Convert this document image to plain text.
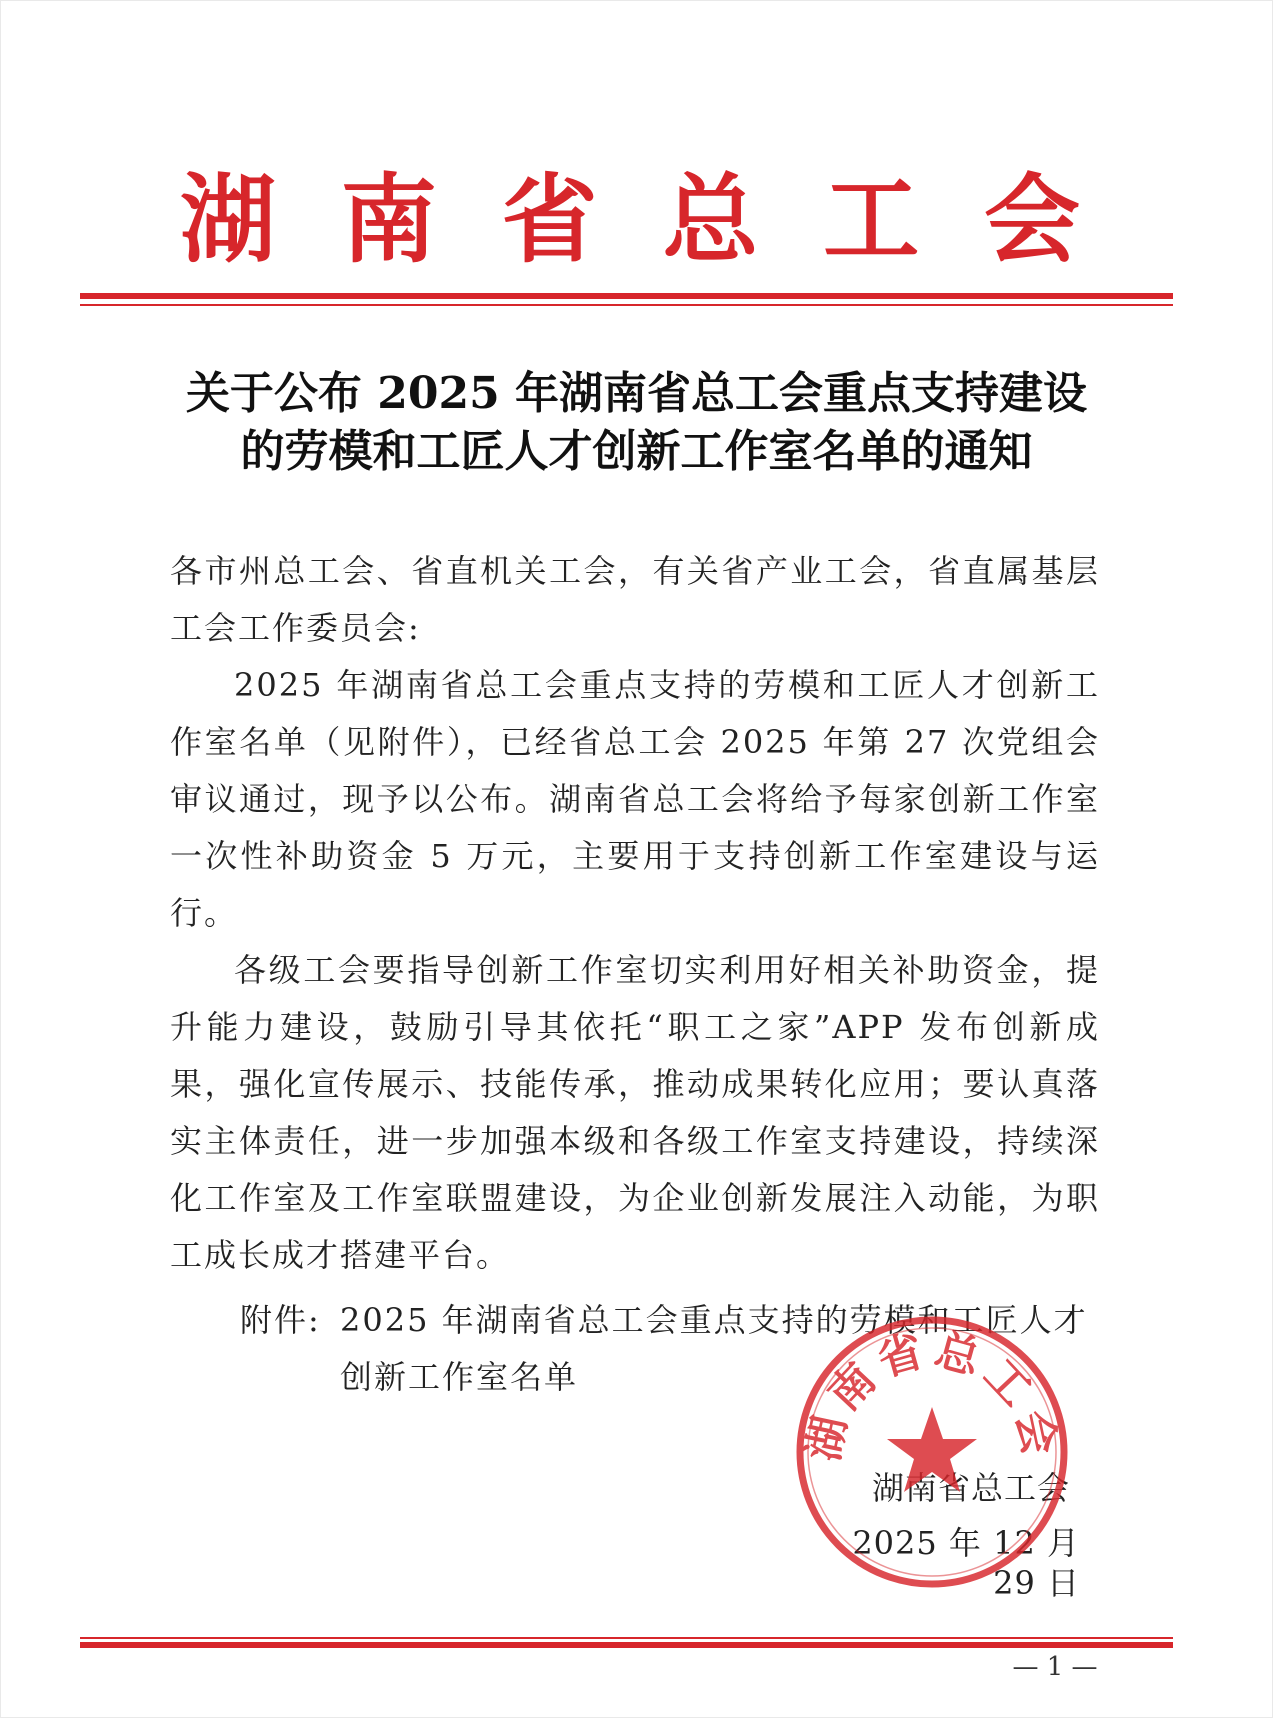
湖 南 省 总 工 会
关于公布 2025 年湖南省总工会重点支持建设
的劳模和工匠人才创新工作室名单的通知

各市州总工会、省直机关工会，有关省产业工会，省直属基层工会工作委员会:

2025 年湖南省总工会重点支持的劳模和工匠人才创新工作室名单（见附件），已经省总工会 2025 年第 27 次党组会审议通过，现予以公布。湖南省总工会将给予每家创新工作室一次性补助资金 5 万元，主要用于支持创新工作室建设与运行。

各级工会要指导创新工作室切实利用好相关补助资金，提升能力建设，鼓励引导其依托“职工之家”APP 发布创新成果，强化宣传展示、技能传承，推动成果转化应用；要认真落实主体责任，进一步加强本级和各级工作室支持建设，持续深化工作室及工作室联盟建设，为企业创新发展注入动能，为职工成长成才搭建平台。

附件: 2025 年湖南省总工会重点支持的劳模和工匠人才创新工作室名单
湖南省总工会
2025 年 12 月 29 日
湖南省总工会
— 1 —
